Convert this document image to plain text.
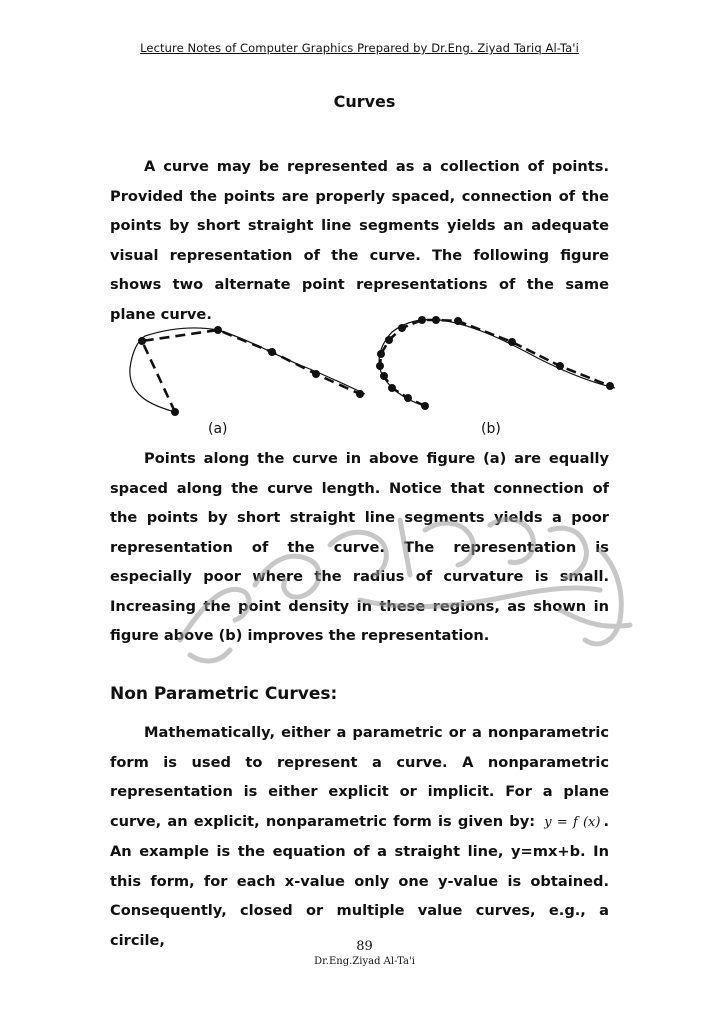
Lecture Notes of Computer Graphics Prepared by Dr.Eng. Ziyad Tariq Al-Ta'i
Curves

A curve may be represented as a collection of points. Provided the points are properly spaced, connection of the points by short straight line segments yields an adequate visual representation of the curve. The following figure shows two alternate point representations of the same plane curve.

(a)	(b)

Points along the curve in above figure (a) are equally spaced along the curve length. Notice that connection of the points by short straight line segments yields a poor representation of the curve. The representation is especially poor where the radius of curvature is small. Increasing the point density in these regions, as shown in figure above (b) improves the representation.

Non Parametric Curves:

Mathematically, either a parametric or a nonparametric form is used to represent a curve. A nonparametric representation is either explicit or implicit. For a plane curve, an explicit, nonparametric form is given by: y = f (x) . An example is the equation of a straight line, y=mx+b. In this form, for each x-value only one y-value is obtained. Consequently, closed or multiple value curves, e.g., a circile,	89
Dr.Eng.Ziyad Al-Ta'i
